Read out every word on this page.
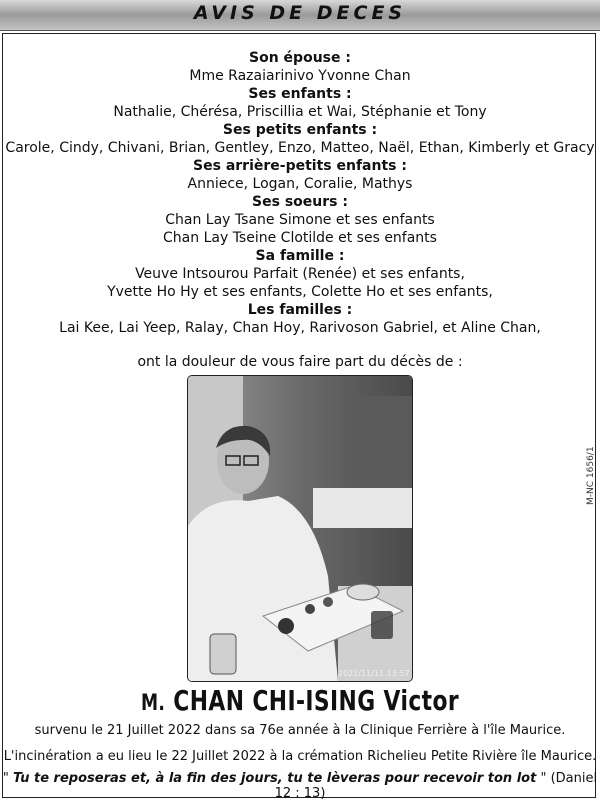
AVIS DE DECES
Son épouse :
Mme Razaiarinivo Yvonne Chan
Ses enfants :
Nathalie, Chérésa, Priscillia et Wai, Stéphanie et Tony
Ses petits enfants :
Carole, Cindy, Chivani, Brian, Gentley, Enzo, Matteo, Naël, Ethan, Kimberly et Gracy
Ses arrière-petits enfants :
Anniece, Logan, Coralie, Mathys
Ses soeurs :
Chan Lay Tsane Simone et ses enfants
Chan Lay Tseine Clotilde et ses enfants
Sa famille :
Veuve Intsourou Parfait (Renée) et ses enfants,
Yvette Ho Hy et ses enfants, Colette Ho et ses enfants,
Les familles :
Lai Kee, Lai Yeep, Ralay, Chan Hoy, Rarivoson Gabriel, et Aline Chan,
ont la douleur de vous faire part du décès de :
2021/11/11 13:57
M-NC 1656/1
M. CHAN CHI-ISING Victor
survenu le 21 Juillet 2022 dans sa 76e année à la Clinique Ferrière à l'île Maurice.
L'incinération a eu lieu le 22 Juillet 2022 à la crémation Richelieu Petite Rivière île Maurice.
" Tu te reposeras et, à la fin des jours, tu te lèveras pour recevoir ton lot " (Daniel 12 : 13)
